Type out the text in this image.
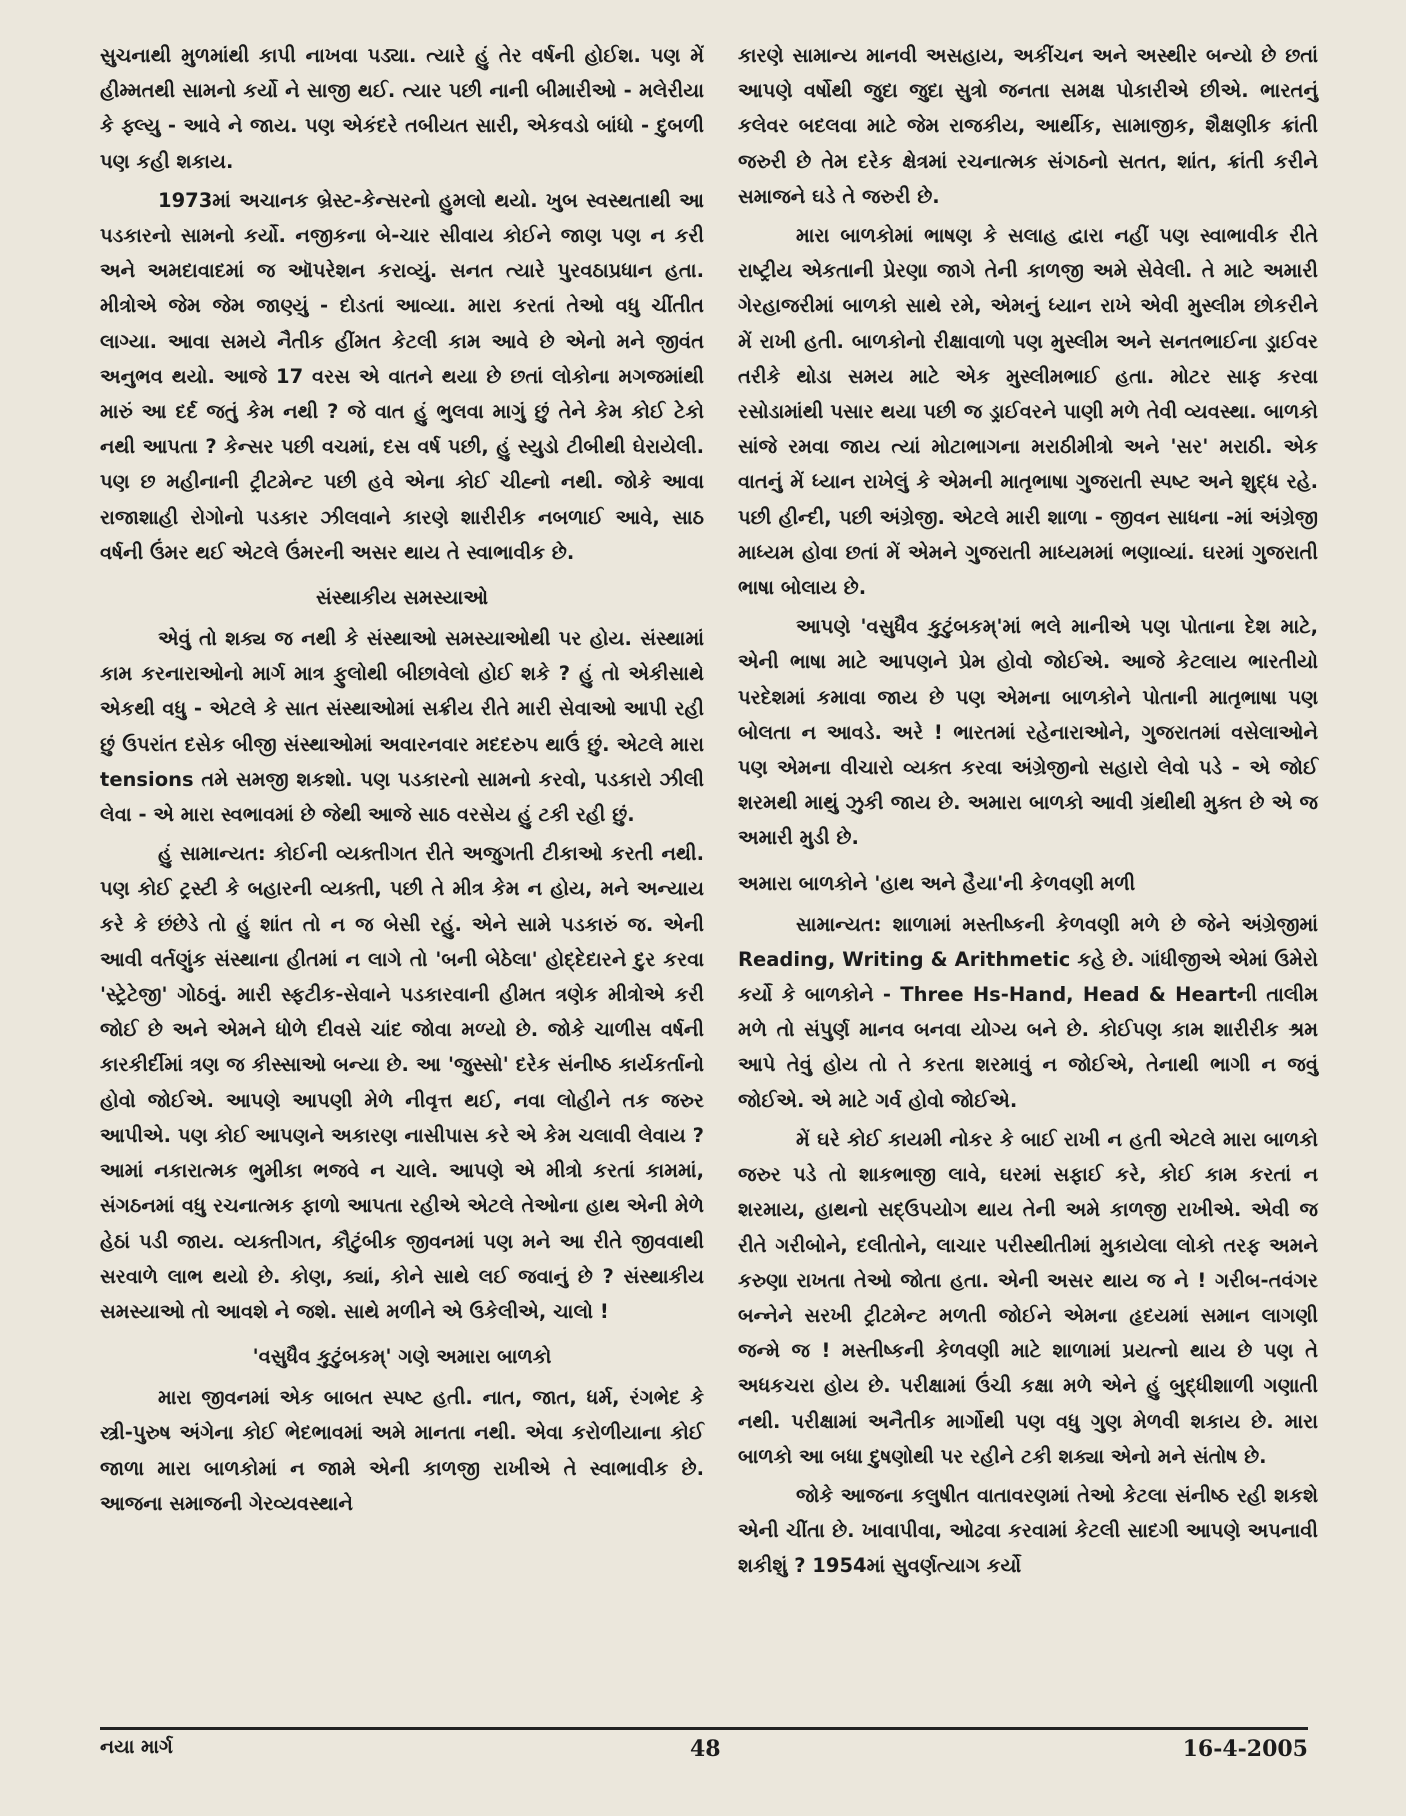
સુચનાથી મુળમાંથી કાપી નાખવા પડ્યા. ત્યારે હું તેર વર્ષની હોઈશ. પણ મેં હીમ્મતથી સામનો કર્યો ને સાજી થઈ. ત્યાર પછી નાની બીમારીઓ - મલેરીયા કે ફ્લ્યુ - આવે ને જાય. પણ એકંદરે તબીયત સારી, એકવડો બાંધો - દુબળી પણ કહી શકાય.

1973માં અચાનક બ્રેસ્ટ-કેન્સરનો હુમલો થયો. ખુબ સ્વસ્થતાથી આ પડકારનો સામનો કર્યો. નજીકના બે-ચાર સીવાય કોઈને જાણ પણ ન કરી અને અમદાવાદમાં જ ઑપરેશન કરાવ્યું. સનત ત્યારે પુરવઠાપ્રધાન હતા. મીત્રોએ જેમ જેમ જાણ્યું - દોડતાં આવ્યા. મારા કરતાં તેઓ વધુ ચીંતીત લાગ્યા. આવા સમયે નૈતીક હીંમત કેટલી કામ આવે છે એનો મને જીવંત અનુભવ થયો. આજે 17 વરસ એ વાતને થયા છે છતાં લોકોના મગજમાંથી મારું આ દર્દ જતું કેમ નથી ? જે વાત હું ભુલવા માગું છું તેને કેમ કોઈ ટેકો નથી આપતા ? કેન્સર પછી વચમાં, દસ વર્ષ પછી, હું સ્યુડો ટીબીથી ઘેરાયેલી. પણ છ મહીનાની ટ્રીટમેન્ટ પછી હવે એના કોઈ ચીહ્નો નથી. જોકે આવા રાજાશાહી રોગોનો પડકાર ઝીલવાને કારણે શારીરીક નબળાઈ આવે, સાઠ વર્ષની ઉંમર થઈ એટલે ઉંમરની અસર થાય તે સ્વાભાવીક છે.

સંસ્થાકીય સમસ્યાઓ

એવું તો શક્ય જ નથી કે સંસ્થાઓ સમસ્યાઓથી પર હોય. સંસ્થામાં કામ કરનારાઓનો માર્ગ માત્ર ફુલોથી બીછાવેલો હોઈ શકે ? હું તો એકીસાથે એકથી વધુ - એટલે કે સાત સંસ્થાઓમાં સક્રીય રીતે મારી સેવાઓ આપી રહી છું ઉપરાંત દસેક બીજી સંસ્થાઓમાં અવારનવાર મદદરુપ થાઉં છું. એટલે મારા tensions તમે સમજી શકશો. પણ પડકારનો સામનો કરવો, પડકારો ઝીલી લેવા - એ મારા સ્વભાવમાં છે જેથી આજે સાઠ વરસેય હું ટકી રહી છું.

હું સામાન્યત: કોઈની વ્યક્તીગત રીતે અજુગતી ટીકાઓ કરતી નથી. પણ કોઈ ટ્રસ્ટી કે બહારની વ્યક્તી, પછી તે મીત્ર કેમ ન હોય, મને અન્યાય કરે કે છંછેડે તો હું શાંત તો ન જ બેસી રહું. એને સામે પડકારું જ. એની આવી વર્તણુંક સંસ્થાના હીતમાં ન લાગે તો 'બની બેઠેલા' હોદ્દેદારને દુર કરવા 'સ્ટ્રેટેજી' ગોઠવું. મારી સ્ફટીક-સેવાને પડકારવાની હીમત ત્રણેક મીત્રોએ કરી જોઈ છે અને એમને ધોળે દીવસે ચાંદ જોવા મળ્યો છે. જોકે ચાળીસ વર્ષની કારકીર્દીમાં ત્રણ જ કીસ્સાઓ બન્યા છે. આ 'જુસ્સો' દરેક સંનીષ્ઠ કાર્યકર્તાનો હોવો જોઈએ. આપણે આપણી મેળે નીવૃત્ત થઈ, નવા લોહીને તક જરુર આપીએ. પણ કોઈ આપણને અકારણ નાસીપાસ કરે એ કેમ ચલાવી લેવાય ? આમાં નકારાત્મક ભુમીકા ભજવે ન ચાલે. આપણે એ મીત્રો કરતાં કામમાં, સંગઠનમાં વધુ રચનાત્મક ફાળો આપતા રહીએ એટલે તેઓના હાથ એની મેળે હેઠાં પડી જાય. વ્યક્તીગત, કૌટુંબીક જીવનમાં પણ મને આ રીતે જીવવાથી સરવાળે લાભ થયો છે. કોણ, ક્યાં, કોને સાથે લઈ જવાનું છે ? સંસ્થાકીય સમસ્યાઓ તો આવશે ને જશે. સાથે મળીને એ ઉકેલીએ, ચાલો !

'વસુધૈવ કુટુંબકમ્' ગણે અમારા બાળકો

મારા જીવનમાં એક બાબત સ્પષ્ટ હતી. નાત, જાત, ધર્મ, રંગભેદ કે સ્ત્રી-પુરુષ અંગેના કોઈ ભેદભાવમાં અમે માનતા નથી. એવા કરોળીયાના કોઈ જાળા મારા બાળકોમાં ન જામે એની કાળજી રાખીએ તે સ્વાભાવીક છે. આજના સમાજની ગેરવ્યવસ્થાને

કારણે સામાન્ય માનવી અસહાય, અકીંચન અને અસ્થીર બન્યો છે છતાં આપણે વર્ષોથી જુદા જુદા સુત્રો જનતા સમક્ષ પોકારીએ છીએ. ભારતનું કલેવર બદલવા માટે જેમ રાજકીય, આર્થીક, સામાજીક, શૈક્ષણીક ક્રાંતી જરુરી છે તેમ દરેક ક્ષેત્રમાં રચનાત્મક સંગઠનો સતત, શાંત, ક્રાંતી કરીને સમાજને ઘડે તે જરુરી છે.

મારા બાળકોમાં ભાષણ કે સલાહ દ્વારા નહીં પણ સ્વાભાવીક રીતે રાષ્ટ્રીય એકતાની પ્રેરણા જાગે તેની કાળજી અમે સેવેલી. તે માટે અમારી ગેરહાજરીમાં બાળકો સાથે રમે, એમનું ધ્યાન રાખે એવી મુસ્લીમ છોકરીને મેં રાખી હતી. બાળકોનો રીક્ષાવાળો પણ મુસ્લીમ અને સનતભાઈના ડ્રાઈવર તરીકે થોડા સમય માટે એક મુસ્લીમભાઈ હતા. મોટર સાફ કરવા રસોડામાંથી પસાર થયા પછી જ ડ્રાઈવરને પાણી મળે તેવી વ્યવસ્થા. બાળકો સાંજે રમવા જાય ત્યાં મોટાભાગના મરાઠીમીત્રો અને 'સર' મરાઠી. એક વાતનું મેં ધ્યાન રાખેલું કે એમની માતૃભાષા ગુજરાતી સ્પષ્ટ અને શુદ્ધ રહે. પછી હીન્દી, પછી અંગ્રેજી. એટલે મારી શાળા - જીવન સાધના -માં અંગ્રેજી માધ્યમ હોવા છતાં મેં એમને ગુજરાતી માધ્યમમાં ભણાવ્યાં. ઘરમાં ગુજરાતી ભાષા બોલાય છે.

આપણે 'વસુધૈવ કુટુંબકમ્'માં ભલે માનીએ પણ પોતાના દેશ માટે, એની ભાષા માટે આપણને પ્રેમ હોવો જોઈએ. આજે કેટલાય ભારતીયો પરદેશમાં કમાવા જાય છે પણ એમના બાળકોને પોતાની માતૃભાષા પણ બોલતા ન આવડે. અરે ! ભારતમાં રહેનારાઓને, ગુજરાતમાં વસેલાઓને પણ એમના વીચારો વ્યક્ત કરવા અંગ્રેજીનો સહારો લેવો પડે - એ જોઈ શરમથી માથું ઝુકી જાય છે. અમારા બાળકો આવી ગ્રંથીથી મુક્ત છે એ જ અમારી મુડી છે.

અમારા બાળકોને 'હાથ અને હૈયા'ની કેળવણી મળી

સામાન્યત: શાળામાં મસ્તીષ્કની કેળવણી મળે છે જેને અંગ્રેજીમાં Reading, Writing & Arithmetic કહે છે. ગાંધીજીએ એમાં ઉમેરો કર્યો કે બાળકોને - Three Hs-Hand, Head & Heartની તાલીમ મળે તો સંપુર્ણ માનવ બનવા યોગ્ય બને છે. કોઈપણ કામ શારીરીક શ્રમ આપે તેવું હોય તો તે કરતા શરમાવું ન જોઈએ, તેનાથી ભાગી ન જવું જોઈએ. એ માટે ગર્વ હોવો જોઈએ.

મેં ઘરે કોઈ કાયમી નોકર કે બાઈ રાખી ન હતી એટલે મારા બાળકો જરુર પડે તો શાકભાજી લાવે, ઘરમાં સફાઈ કરે, કોઈ કામ કરતાં ન શરમાય, હાથનો સદ્ઉપયોગ થાય તેની અમે કાળજી રાખીએ. એવી જ રીતે ગરીબોને, દલીતોને, લાચાર પરીસ્થીતીમાં મુકાયેલા લોકો તરફ અમને કરુણા રાખતા તેઓ જોતા હતા. એની અસર થાય જ ને ! ગરીબ-તવંગર બન્નેને સરખી ટ્રીટમેન્ટ મળતી જોઈને એમના હૃદયમાં સમાન લાગણી જન્મે જ ! મસ્તીષ્કની કેળવણી માટે શાળામાં પ્રયત્નો થાય છે પણ તે અધકચરા હોય છે. પરીક્ષામાં ઉંચી કક્ષા મળે એને હું બુદ્ધીશાળી ગણાતી નથી. પરીક્ષામાં અનૈતીક માર્ગોથી પણ વધુ ગુણ મેળવી શકાય છે. મારા બાળકો આ બધા દુષણોથી પર રહીને ટકી શક્યા એનો મને સંતોષ છે.

જોકે આજના કલુષીત વાતાવરણમાં તેઓ કેટલા સંનીષ્ઠ રહી શકશે એની ચીંતા છે. ખાવાપીવા, ઓઢવા કરવામાં કેટલી સાદગી આપણે અપનાવી શકીશું ? 1954માં સુવર્ણત્યાગ કર્યો

નયા માર્ગ	48	16-4-2005
